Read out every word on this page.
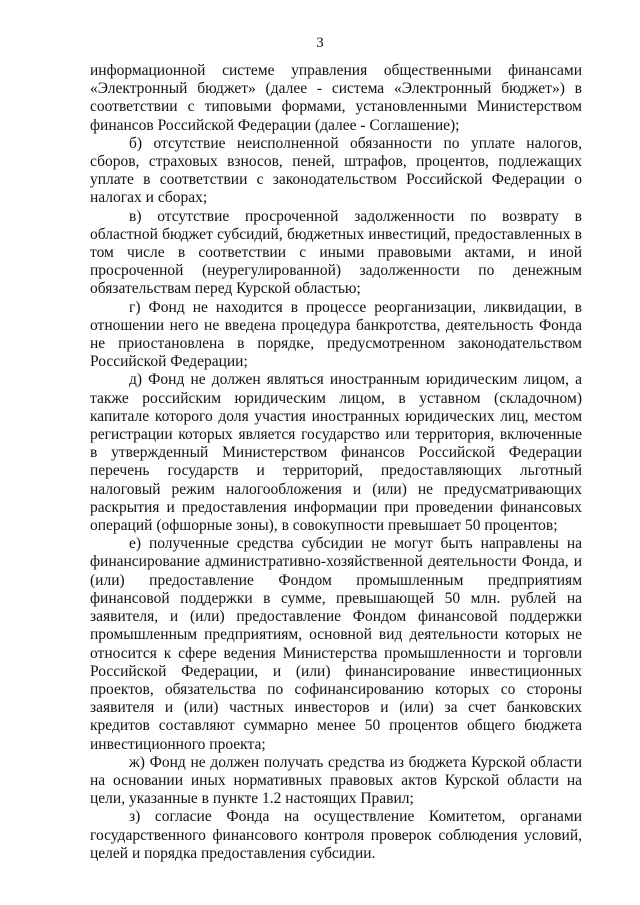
3

информационной системе управления общественными финансами «Электронный бюджет» (далее - система «Электронный бюджет») в соответствии с типовыми формами, установленными Министерством финансов Российской Федерации (далее - Соглашение);

б) отсутствие неисполненной обязанности по уплате налогов, сборов, страховых взносов, пеней, штрафов, процентов, подлежащих уплате в соответствии с законодательством Российской Федерации о налогах и сборах;

в) отсутствие просроченной задолженности по возврату в областной бюджет субсидий, бюджетных инвестиций, предоставленных в том числе в соответствии с иными правовыми актами, и иной просроченной (неурегулированной) задолженности по денежным обязательствам перед Курской областью;

г) Фонд не находится в процессе реорганизации, ликвидации, в отношении него не введена процедура банкротства, деятельность Фонда не приостановлена в порядке, предусмотренном законодательством Российской Федерации;

д) Фонд не должен являться иностранным юридическим лицом, а также российским юридическим лицом, в уставном (складочном) капитале которого доля участия иностранных юридических лиц, местом регистрации которых является государство или территория, включенные в утвержденный Министерством финансов Российской Федерации перечень государств и территорий, предоставляющих льготный налоговый режим налогообложения и (или) не предусматривающих раскрытия и предоставления информации при проведении финансовых операций (офшорные зоны), в совокупности превышает 50 процентов;

е) полученные средства субсидии не могут быть направлены на финансирование административно-хозяйственной деятельности Фонда, и (или) предоставление Фондом промышленным предприятиям финансовой поддержки в сумме, превышающей 50 млн. рублей на заявителя, и (или) предоставление Фондом финансовой поддержки промышленным предприятиям, основной вид деятельности которых не относится к сфере ведения Министерства промышленности и торговли Российской Федерации, и (или) финансирование инвестиционных проектов, обязательства по софинансированию которых со стороны заявителя и (или) частных инвесторов и (или) за счет банковских кредитов составляют суммарно менее 50 процентов общего бюджета инвестиционного проекта;

ж) Фонд не должен получать средства из бюджета Курской области на основании иных нормативных правовых актов Курской области на цели, указанные в пункте 1.2 настоящих Правил;

з) согласие Фонда на осуществление Комитетом, органами государственного финансового контроля проверок соблюдения условий, целей и порядка предоставления субсидии.
